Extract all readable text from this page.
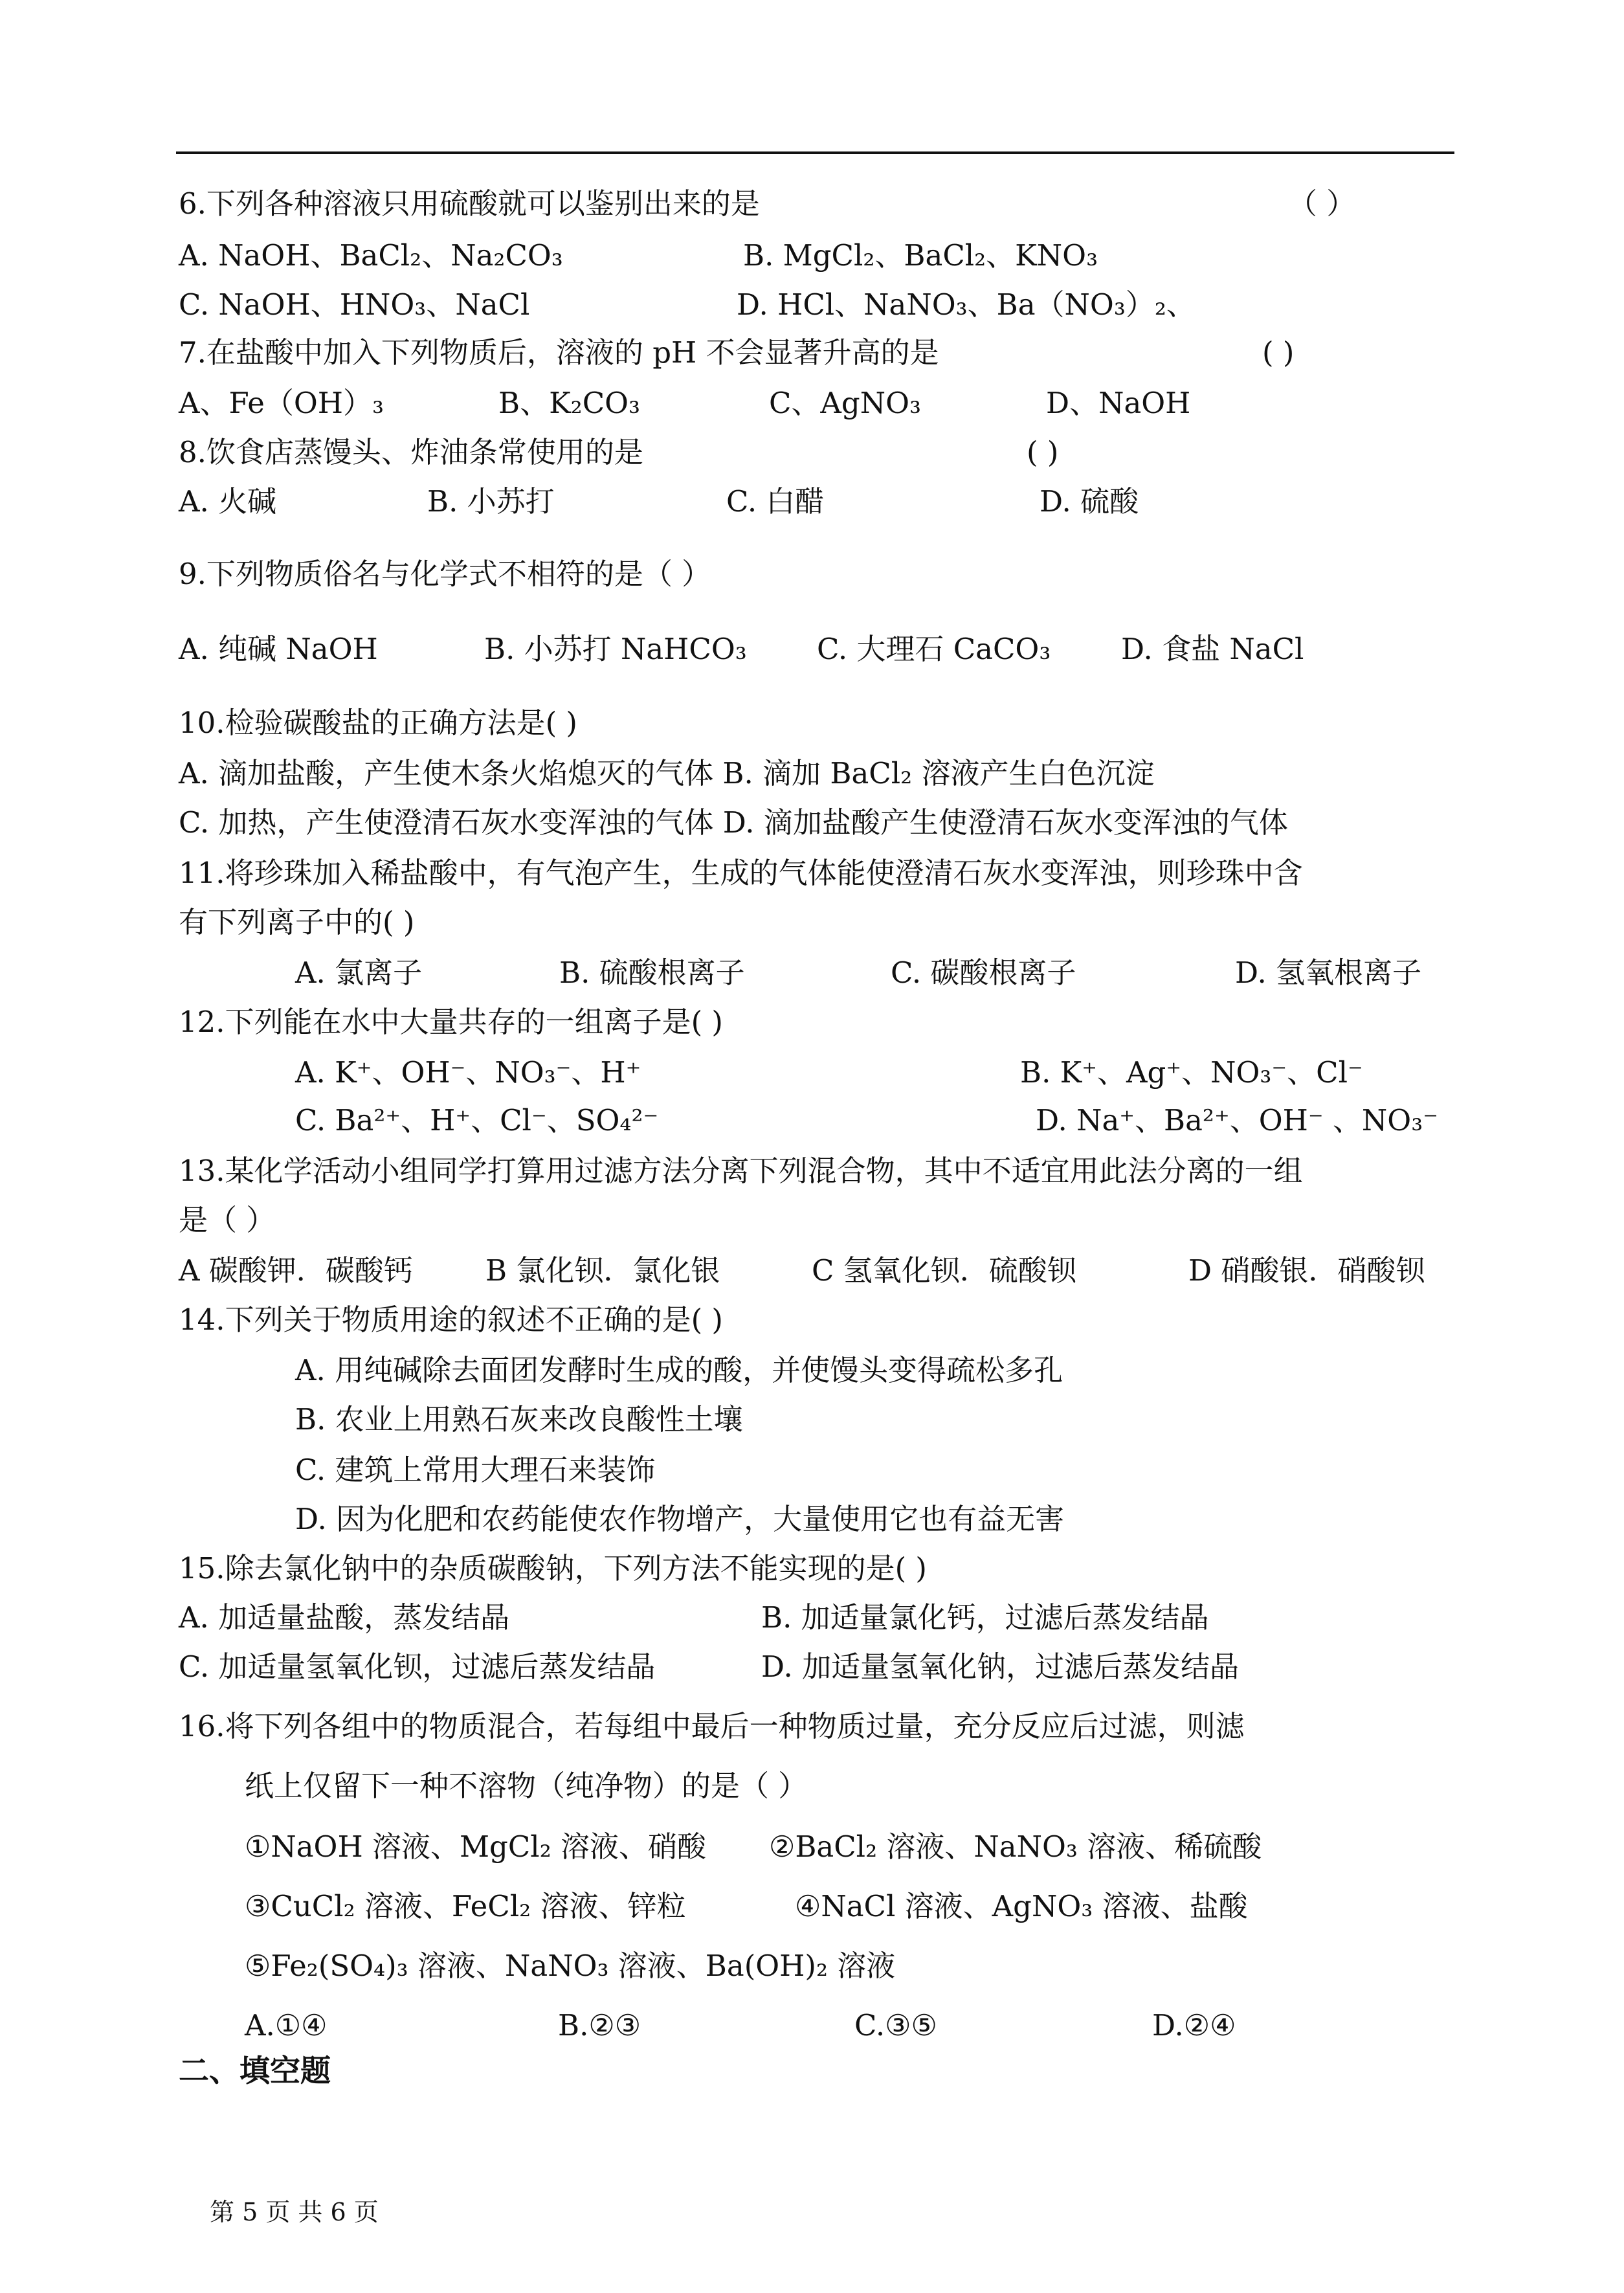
6.下列各种溶液只用硫酸就可以鉴别出来的是	（ ）
A. NaOH、BaCl₂、Na₂CO₃	B. MgCl₂、BaCl₂、KNO₃
C. NaOH、HNO₃、NaCl	D. HCl、NaNO₃、Ba（NO₃）₂、
7.在盐酸中加入下列物质后，溶液的 pH 不会显著升高的是	( )
A、Fe（OH）₃	B、K₂CO₃	C、AgNO₃	D、NaOH
8.饮食店蒸馒头、炸油条常使用的是	( )
A. 火碱	B. 小苏打	C. 白醋	D. 硫酸
9.下列物质俗名与化学式不相符的是（ ）
A. 纯碱 NaOH	B. 小苏打 NaHCO₃ C. 大理石 CaCO₃ D. 食盐 NaCl
10.检验碳酸盐的正确方法是( )
A. 滴加盐酸，产生使木条火焰熄灭的气体 B. 滴加 BaCl₂ 溶液产生白色沉淀
C. 加热，产生使澄清石灰水变浑浊的气体 D. 滴加盐酸产生使澄清石灰水变浑浊的气体
11.将珍珠加入稀盐酸中，有气泡产生，生成的气体能使澄清石灰水变浑浊，则珍珠中含
有下列离子中的( )
A. 氯离子	B. 硫酸根离子	C. 碳酸根离子	D. 氢氧根离子
12.下列能在水中大量共存的一组离子是( )
A. K⁺、OH⁻、NO₃⁻、H⁺	B. K⁺、Ag⁺、NO₃⁻、Cl⁻
C. Ba²⁺、H⁺、Cl⁻、SO₄²⁻	D. Na⁺、Ba²⁺、OH⁻ 、NO₃⁻
13.某化学活动小组同学打算用过滤方法分离下列混合物，其中不适宜用此法分离的一组
是（ ）
A 碳酸钾．碳酸钙 B 氯化钡．氯化银	C 氢氧化钡．硫酸钡	D 硝酸银．硝酸钡
14.下列关于物质用途的叙述不正确的是( )
A. 用纯碱除去面团发酵时生成的酸，并使馒头变得疏松多孔
B. 农业上用熟石灰来改良酸性土壤
C. 建筑上常用大理石来装饰
D. 因为化肥和农药能使农作物增产，大量使用它也有益无害
15.除去氯化钠中的杂质碳酸钠，下列方法不能实现的是( )
A. 加适量盐酸，蒸发结晶	B. 加适量氯化钙，过滤后蒸发结晶
C. 加适量氢氧化钡，过滤后蒸发结晶	D. 加适量氢氧化钠，过滤后蒸发结晶
16.将下列各组中的物质混合，若每组中最后一种物质过量，充分反应后过滤，则滤
纸上仅留下一种不溶物（纯净物）的是（ ）
①NaOH 溶液、MgCl₂ 溶液、硝酸 ②BaCl₂ 溶液、NaNO₃ 溶液、稀硫酸
③CuCl₂ 溶液、FeCl₂ 溶液、锌粒	④NaCl 溶液、AgNO₃ 溶液、盐酸
⑤Fe₂(SO₄)₃ 溶液、NaNO₃ 溶液、Ba(OH)₂ 溶液
A.①④	B.②③	C.③⑤	D.②④
二、填空题
第 5 页 共 6 页
